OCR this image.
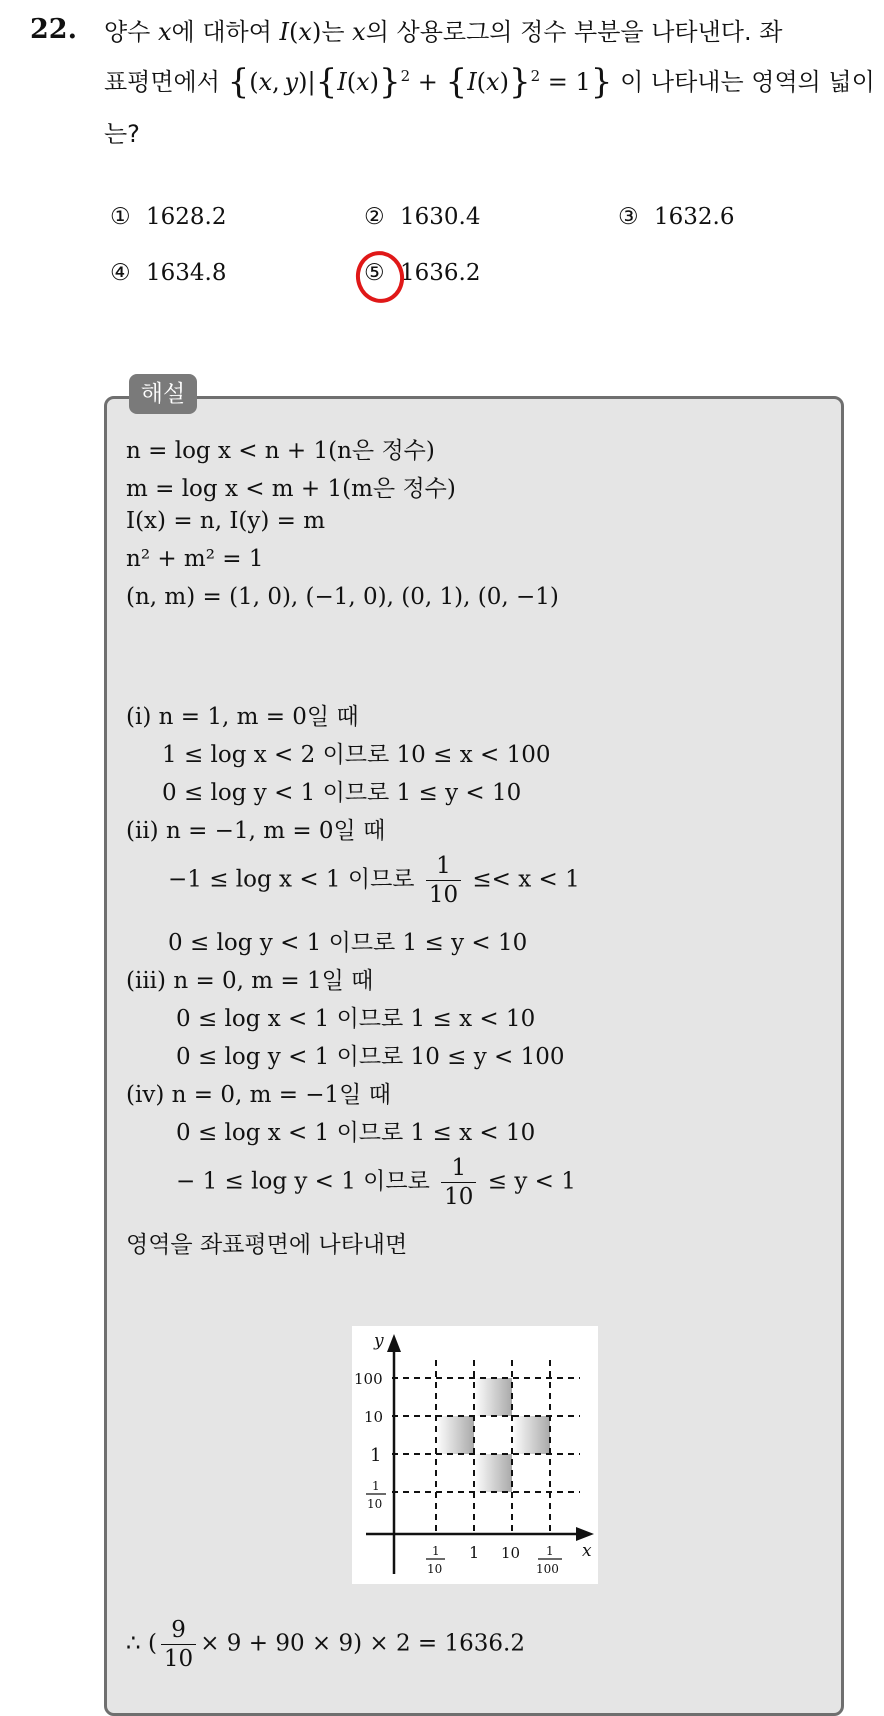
22. 양수 x에 대하여 I(x)는 x의 상용로그의 정수 부분을 나타낸다. 좌
표평면에서 {(x, $y)|\{I(x)\}^2 + \{I(x)\}^2 = 1$} 이 나타내는 영역의 넓이
는?
① 1628.2	② 1630.4	③ 1632.6
④ 1634.8	⑤ 1636.2
해설
n = log x < n + 1(n은 정수)
m = log x < m + 1(m은 정수)
I(x) = n, I(y) = m
n² + m² = 1
(n, m) = (1, 0), (−1, 0), (0, 1), (0, −1)
(i) n = 1, m = 0일 때
1 ≤ log x < 2 이므로 10 ≤ x < 100
0 ≤ log y < 1 이므로 1 ≤ y < 10
(ii) n = −1, m = 0일 때
−1 ≤ log x < 1 이므로 $\frac{1}{10} \le< x < 1$
0 ≤ log y < 1 이므로 1 ≤ y < 10
(iii) n = 0, m = 1일 때
0 ≤ log x < 1 이므로 1 ≤ x < 10
0 ≤ log y < 1 이므로 10 ≤ y < 100
(iv) n = 0, m = −1일 때
0 ≤ log x < 1 이므로 1 ≤ x < 10
− 1 ≤ log y < 1 이므로 $\frac{1}{10} \le y < 1$
영역을 좌표평면에 나타내면
y
x
100
10
1
1
10
1
10
1 10 1
100
∴ ( $\frac{9}{10} \times 9 + 90 \times 9) \times 2 = 1636.2$
